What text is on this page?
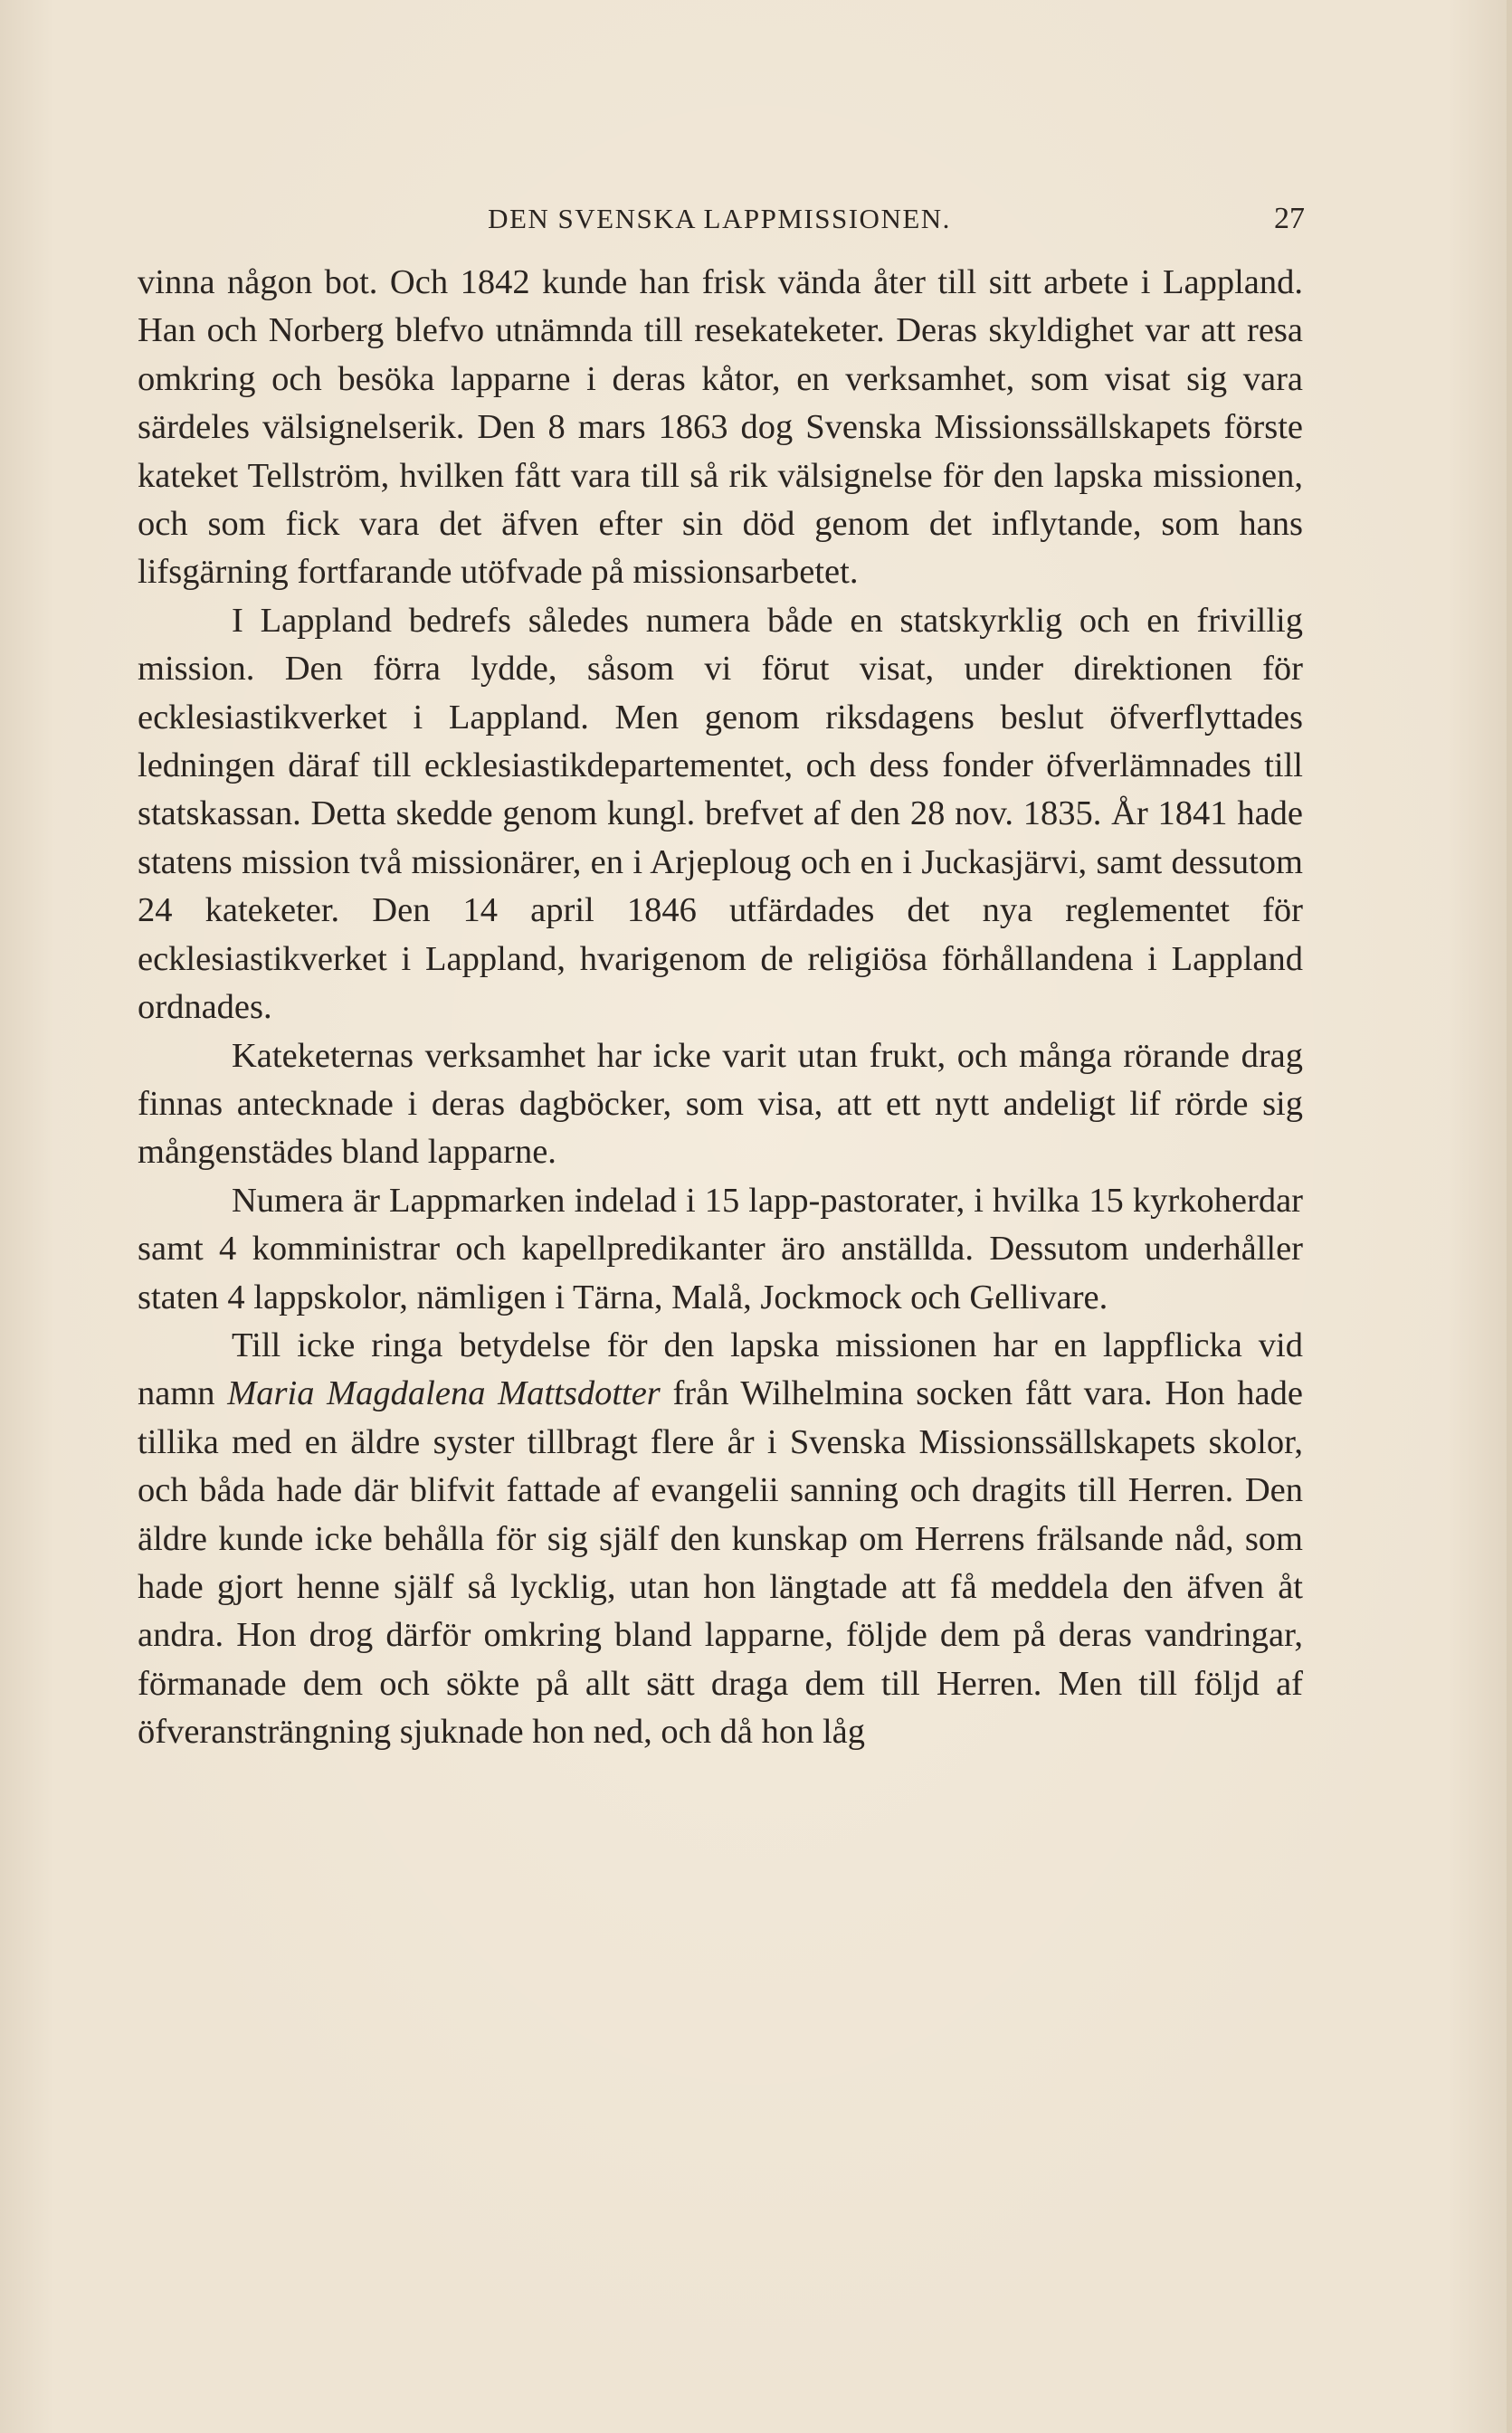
DEN SVENSKA LAPPMISSIONEN.	27

vinna någon bot. Och 1842 kunde han frisk vända åter till sitt arbete i Lappland. Han och Norberg blefvo utnämnda till resekateketer. Deras skyldighet var att resa omkring och besöka lapparne i deras kåtor, en verksamhet, som visat sig vara särdeles välsignelserik. Den 8 mars 1863 dog Svenska Missionssällskapets förste kateket Tellström, hvilken fått vara till så rik välsignelse för den lapska missionen, och som fick vara det äfven efter sin död genom det inflytande, som hans lifsgärning fortfarande utöfvade på missionsarbetet.

I Lappland bedrefs således numera både en statskyrklig och en frivillig mission. Den förra lydde, såsom vi förut visat, under direktionen för ecklesiastikverket i Lappland. Men genom riksdagens beslut öfverflyttades ledningen däraf till ecklesiastikdepartementet, och dess fonder öfverlämnades till statskassan. Detta skedde genom kungl. brefvet af den 28 nov. 1835. År 1841 hade statens mission två missionärer, en i Arjeploug och en i Juckasjärvi, samt dessutom 24 kateketer. Den 14 april 1846 utfärdades det nya reglementet för ecklesiastikverket i Lappland, hvarigenom de religiösa förhållandena i Lappland ordnades.

Kateketernas verksamhet har icke varit utan frukt, och många rörande drag finnas antecknade i deras dagböcker, som visa, att ett nytt andeligt lif rörde sig mångenstädes bland lapparne.

Numera är Lappmarken indelad i 15 lapp-pastorater, i hvilka 15 kyrkoherdar samt 4 komministrar och kapellpredikanter äro anställda. Dessutom underhåller staten 4 lappskolor, nämligen i Tärna, Malå, Jockmock och Gellivare.

Till icke ringa betydelse för den lapska missionen har en lappflicka vid namn Maria Magdalena Mattsdotter från Wilhelmina socken fått vara. Hon hade tillika med en äldre syster tillbragt flere år i Svenska Missionssällskapets skolor, och båda hade där blifvit fattade af evangelii sanning och dragits till Herren. Den äldre kunde icke behålla för sig själf den kunskap om Herrens frälsande nåd, som hade gjort henne själf så lycklig, utan hon längtade att få meddela den äfven åt andra. Hon drog därför omkring bland lapparne, följde dem på deras vandringar, förmanade dem och sökte på allt sätt draga dem till Herren. Men till följd af öfveransträngning sjuknade hon ned, och då hon låg
